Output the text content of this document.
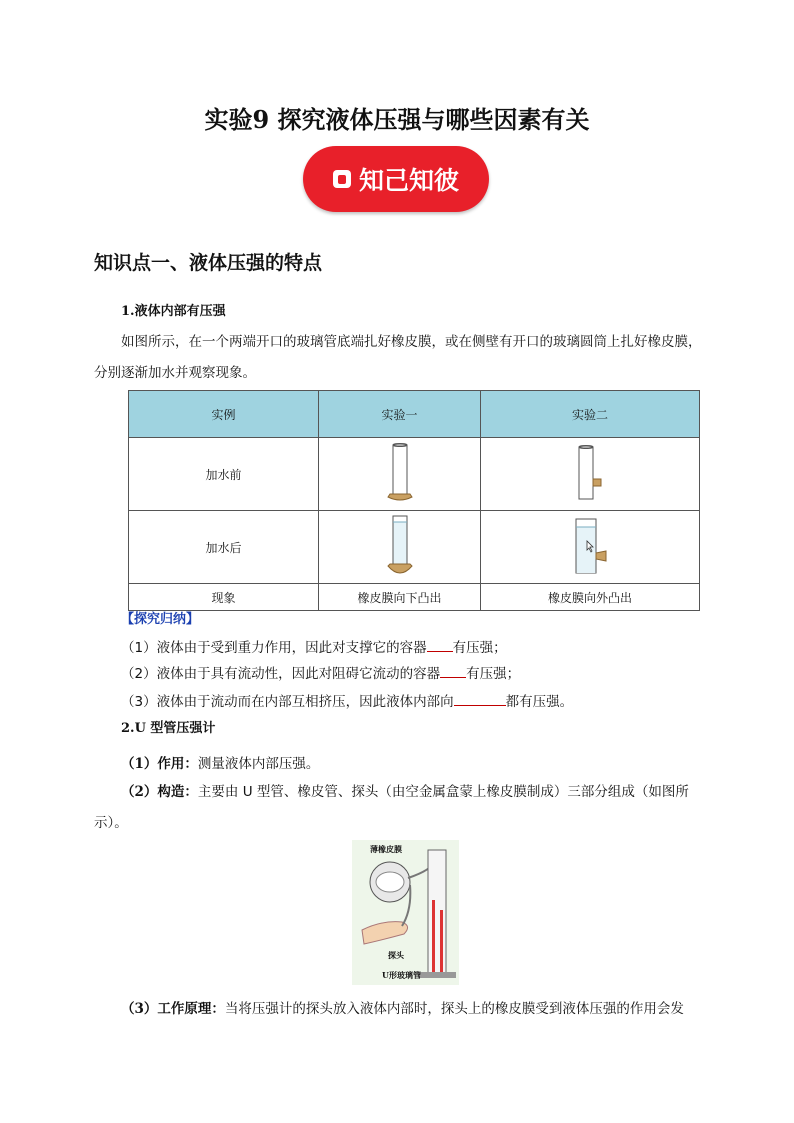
实验9 探究液体压强与哪些因素有关
知己知彼
知识点一、液体压强的特点
1.液体内部有压强
如图所示，在一个两端开口的玻璃管底端扎好橡皮膜，或在侧壁有开口的玻璃圆筒上扎好橡皮膜，分别逐渐加水并观察现象。
实例	实验一	实验二
加水前	

加水后	

现象	橡皮膜向下凸出	橡皮膜向外凸出
【探究归纳】
（1）液体由于受到重力作用，因此对支撑它的容器 有压强；
（2）液体由于具有流动性，因此对阻碍它流动的容器 有压强；
（3）液体由于流动而在内部互相挤压，因此液体内部向	都有压强。
2.U 型管压强计
（1）作用：测量液体内部压强。
（2）构造：主要由 U 型管、橡皮管、探头（由空金属盒蒙上橡皮膜制成）三部分组成（如图所示）。
薄橡皮膜
探头
U形玻璃管
（3）工作原理：当将压强计的探头放入液体内部时，探头上的橡皮膜受到液体压强的作用会发
